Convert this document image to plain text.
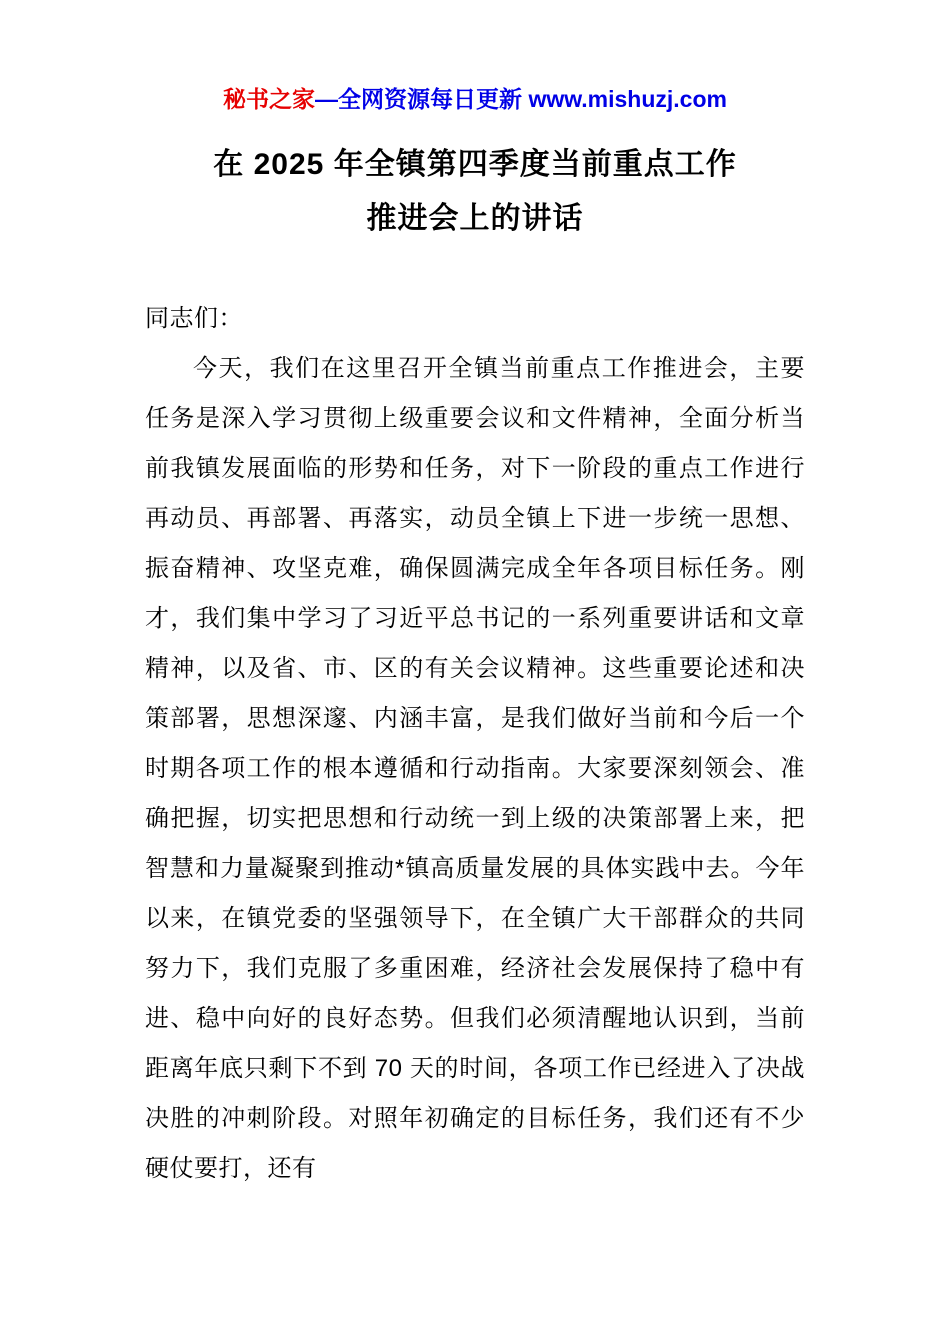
秘书之家—全网资源每日更新 www.mishuzj.com
在 2025 年全镇第四季度当前重点工作
推进会上的讲话

同志们：

今天，我们在这里召开全镇当前重点工作推进会，主要任务是深入学习贯彻上级重要会议和文件精神，全面分析当前我镇发展面临的形势和任务，对下一阶段的重点工作进行再动员、再部署、再落实，动员全镇上下进一步统一思想、振奋精神、攻坚克难，确保圆满完成全年各项目标任务。刚才，我们集中学习了习近平总书记的一系列重要讲话和文章精神，以及省、市、区的有关会议精神。这些重要论述和决策部署，思想深邃、内涵丰富，是我们做好当前和今后一个时期各项工作的根本遵循和行动指南。大家要深刻领会、准确把握，切实把思想和行动统一到上级的决策部署上来，把智慧和力量凝聚到推动*镇高质量发展的具体实践中去。今年以来，在镇党委的坚强领导下，在全镇广大干部群众的共同努力下，我们克服了多重困难，经济社会发展保持了稳中有进、稳中向好的良好态势。但我们必须清醒地认识到，当前距离年底只剩下不到 70 天的时间，各项工作已经进入了决战决胜的冲刺阶段。对照年初确定的目标任务，我们还有不少硬仗要打，还有
